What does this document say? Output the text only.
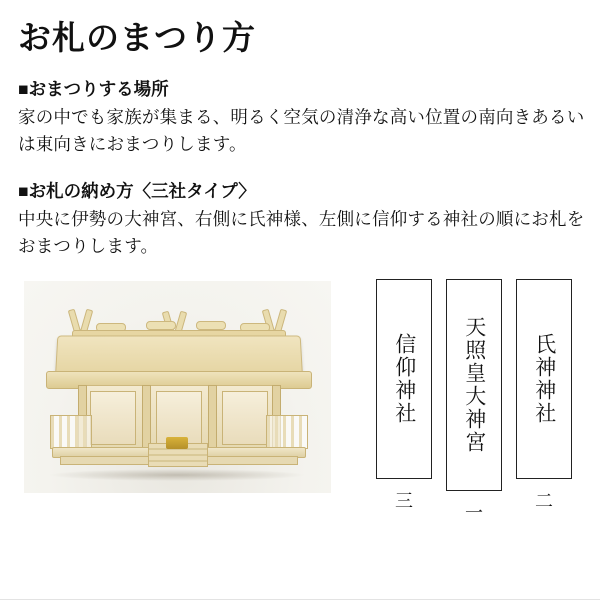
お札のまつり方
■おまつりする場所
家の中でも家族が集まる、明るく空気の清浄な高い位置の南向きあるいは東向きにおまつりします。
■お札の納め方〈三社タイプ〉
中央に伊勢の大神宮、右側に氏神様、左側に信仰する神社の順にお札をおまつりします。
信仰神社
三
天照皇大神宮
一
氏神神社
二
